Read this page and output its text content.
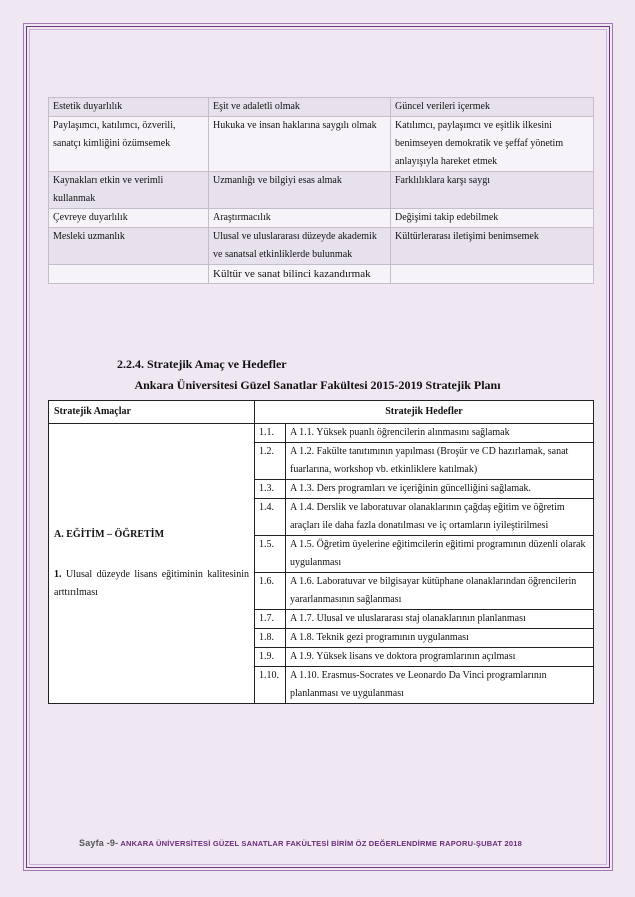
Estetik duyarlılık	Eşit ve adaletli olmak	Güncel verileri içermek
Paylaşımcı, katılımcı, özverili, sanatçı kimliğini özümsemek	Hukuka ve insan haklarına saygılı olmak	Katılımcı, paylaşımcı ve eşitlik ilkesini benimseyen demokratik ve şeffaf yönetim anlayışıyla hareket etmek
Kaynakları etkin ve verimli kullanmak	Uzmanlığı ve bilgiyi esas almak	Farklılıklara karşı saygı
Çevreye duyarlılık	Araştırmacılık	Değişimi takip edebilmek
Mesleki uzmanlık	Ulusal ve uluslararası düzeyde akademik ve sanatsal etkinliklerde bulunmak	Kültürlerarası iletişimi benimsemek
	Kültür ve sanat bilinci kazandırmak	
2.2.4. Stratejik Amaç ve Hedefler
Ankara Üniversitesi Güzel Sanatlar Fakültesi 2015-2019 Stratejik Planı
Stratejik Amaçlar	Stratejik Hedefler	

A. EĞİTİM – ÖĞRETİM
1. Ulusal düzeyde lisans eğitiminin kalitesinin arttırılması	1.1.	A 1.1. Yüksek puanlı öğrencilerin alınmasını sağlamak
	1.2.	A 1.2. Fakülte tanıtımının yapılması (Broşür ve CD hazırlamak, sanat fuarlarına, workshop vb. etkinliklere katılmak)
	1.3.	A 1.3. Ders programları ve içeriğinin güncelliğini sağlamak.
	1.4.	A 1.4. Derslik ve laboratuvar olanaklarının çağdaş eğitim ve öğretim araçları ile daha fazla donatılması ve iç ortamların iyileştirilmesi
	1.5.	A 1.5. Öğretim üyelerine eğitimcilerin eğitimi programının düzenli olarak uygulanması
	1.6.	A 1.6. Laboratuvar ve bilgisayar kütüphane olanaklarından öğrencilerin yararlanmasının sağlanması
	1.7.	A 1.7. Ulusal ve uluslararası staj olanaklarının planlanması
	1.8.	A 1.8. Teknik gezi programının uygulanması
	1.9.	A 1.9. Yüksek lisans ve doktora programlarının açılması
	1.10.	A 1.10. Erasmus-Socrates ve Leonardo Da Vinci programlarının planlanması ve uygulanması
Sayfa -9- ANKARA ÜNİVERSİTESİ GÜZEL SANATLAR FAKÜLTESİ BİRİM ÖZ DEĞERLENDİRME RAPORU-ŞUBAT 2018
